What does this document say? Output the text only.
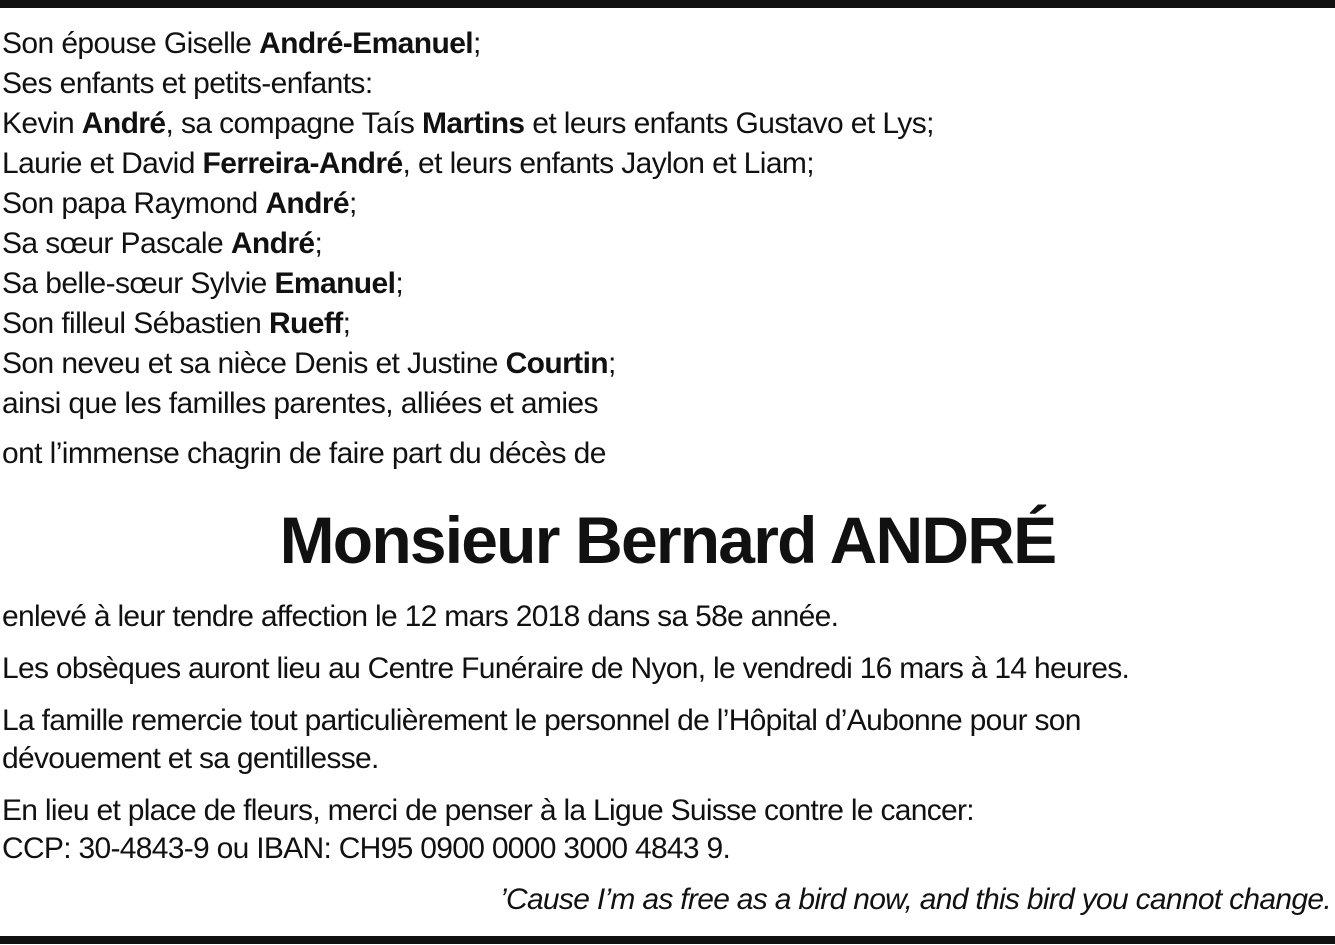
Son épouse Giselle André-Emanuel;
Ses enfants et petits-enfants:
Kevin André, sa compagne Taís Martins et leurs enfants Gustavo et Lys;
Laurie et David Ferreira-André, et leurs enfants Jaylon et Liam;
Son papa Raymond André;
Sa sœur Pascale André;
Sa belle-sœur Sylvie Emanuel;
Son filleul Sébastien Rueff;
Son neveu et sa nièce Denis et Justine Courtin;
ainsi que les familles parentes, alliées et amies
ont l’immense chagrin de faire part du décès de
Monsieur Bernard ANDRÉ
enlevé à leur tendre affection le 12 mars 2018 dans sa 58e année.
Les obsèques auront lieu au Centre Funéraire de Nyon, le vendredi 16 mars à 14 heures.
La famille remercie tout particulièrement le personnel de l’Hôpital d’Aubonne pour son
dévouement et sa gentillesse.
En lieu et place de fleurs, merci de penser à la Ligue Suisse contre le cancer:
CCP: 30-4843-9 ou IBAN: CH95 0900 0000 3000 4843 9.
’Cause I’m as free as a bird now, and this bird you cannot change.
